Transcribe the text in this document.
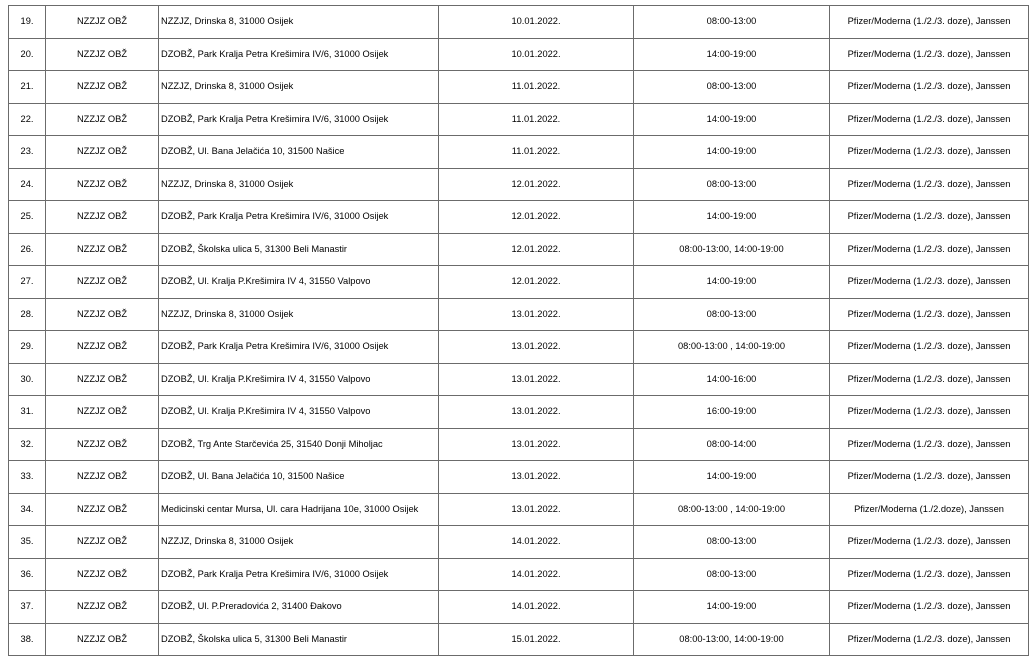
19.	NZZJZ OBŽ	NZZJZ, Drinska 8, 31000 Osijek	10.01.2022.	08:00-13:00	Pfizer/Moderna (1./2./3. doze), Janssen
20.	NZZJZ OBŽ	DZOBŽ, Park Kralja Petra Krešimira IV/6, 31000 Osijek	10.01.2022.	14:00-19:00	Pfizer/Moderna (1./2./3. doze), Janssen
21.	NZZJZ OBŽ	NZZJZ, Drinska 8, 31000 Osijek	11.01.2022.	08:00-13:00	Pfizer/Moderna (1./2./3. doze), Janssen
22.	NZZJZ OBŽ	DZOBŽ, Park Kralja Petra Krešimira IV/6, 31000 Osijek	11.01.2022.	14:00-19:00	Pfizer/Moderna (1./2./3. doze), Janssen
23.	NZZJZ OBŽ	DZOBŽ, Ul. Bana Jelačića 10, 31500 Našice	11.01.2022.	14:00-19:00	Pfizer/Moderna (1./2./3. doze), Janssen
24.	NZZJZ OBŽ	NZZJZ, Drinska 8, 31000 Osijek	12.01.2022.	08:00-13:00	Pfizer/Moderna (1./2./3. doze), Janssen
25.	NZZJZ OBŽ	DZOBŽ, Park Kralja Petra Krešimira IV/6, 31000 Osijek	12.01.2022.	14:00-19:00	Pfizer/Moderna (1./2./3. doze), Janssen
26.	NZZJZ OBŽ	DZOBŽ, Školska ulica 5, 31300 Beli Manastir	12.01.2022.	08:00-13:00, 14:00-19:00	Pfizer/Moderna (1./2./3. doze), Janssen
27.	NZZJZ OBŽ	DZOBŽ, Ul. Kralja P.Krešimira IV 4, 31550 Valpovo	12.01.2022.	14:00-19:00	Pfizer/Moderna (1./2./3. doze), Janssen
28.	NZZJZ OBŽ	NZZJZ, Drinska 8, 31000 Osijek	13.01.2022.	08:00-13:00	Pfizer/Moderna (1./2./3. doze), Janssen
29.	NZZJZ OBŽ	DZOBŽ, Park Kralja Petra Krešimira IV/6, 31000 Osijek	13.01.2022.	08:00-13:00 , 14:00-19:00	Pfizer/Moderna (1./2./3. doze), Janssen
30.	NZZJZ OBŽ	DZOBŽ, Ul. Kralja P.Krešimira IV 4, 31550 Valpovo	13.01.2022.	14:00-16:00	Pfizer/Moderna (1./2./3. doze), Janssen
31.	NZZJZ OBŽ	DZOBŽ, Ul. Kralja P.Krešimira IV 4, 31550 Valpovo	13.01.2022.	16:00-19:00	Pfizer/Moderna (1./2./3. doze), Janssen
32.	NZZJZ OBŽ	DZOBŽ, Trg Ante Starčevića 25, 31540 Donji Miholjac	13.01.2022.	08:00-14:00	Pfizer/Moderna (1./2./3. doze), Janssen
33.	NZZJZ OBŽ	DZOBŽ, Ul. Bana Jelačića 10, 31500 Našice	13.01.2022.	14:00-19:00	Pfizer/Moderna (1./2./3. doze), Janssen
34.	NZZJZ OBŽ	Medicinski centar Mursa, Ul. cara Hadrijana 10e, 31000 Osijek	13.01.2022.	08:00-13:00 , 14:00-19:00	Pfizer/Moderna (1./2.doze), Janssen
35.	NZZJZ OBŽ	NZZJZ, Drinska 8, 31000 Osijek	14.01.2022.	08:00-13:00	Pfizer/Moderna (1./2./3. doze), Janssen
36.	NZZJZ OBŽ	DZOBŽ, Park Kralja Petra Krešimira IV/6, 31000 Osijek	14.01.2022.	08:00-13:00	Pfizer/Moderna (1./2./3. doze), Janssen
37.	NZZJZ OBŽ	DZOBŽ, Ul. P.Preradovića 2, 31400 Đakovo	14.01.2022.	14:00-19:00	Pfizer/Moderna (1./2./3. doze), Janssen
38.	NZZJZ OBŽ	DZOBŽ, Školska ulica 5, 31300 Beli Manastir	15.01.2022.	08:00-13:00, 14:00-19:00	Pfizer/Moderna (1./2./3. doze), Janssen
